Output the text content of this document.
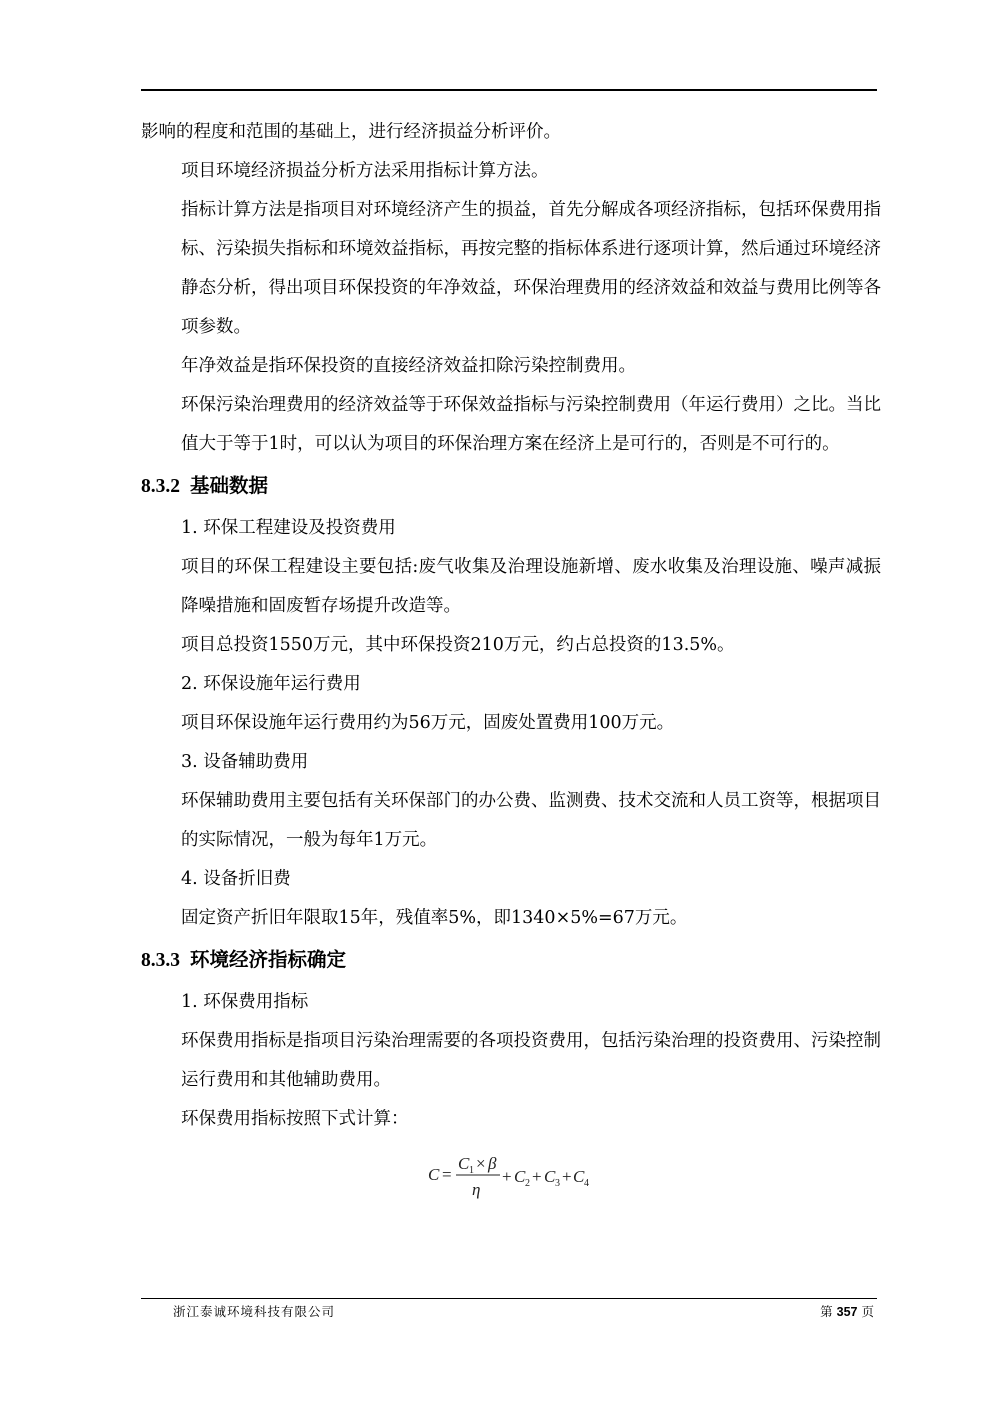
影响的程度和范围的基础上，进行经济损益分析评价。

项目环境经济损益分析方法采用指标计算方法。

指标计算方法是指项目对环境经济产生的损益，首先分解成各项经济指标，包括环保费用指标、污染损失指标和环境效益指标，再按完整的指标体系进行逐项计算，然后通过环境经济静态分析，得出项目环保投资的年净效益，环保治理费用的经济效益和效益与费用比例等各项参数。

年净效益是指环保投资的直接经济效益扣除污染控制费用。

环保污染治理费用的经济效益等于环保效益指标与污染控制费用（年运行费用）之比。当比值大于等于1时，可以认为项目的环保治理方案在经济上是可行的，否则是不可行的。

8.3.2 基础数据

1. 环保工程建设及投资费用

项目的环保工程建设主要包括:废气收集及治理设施新增、废水收集及治理设施、噪声减振降噪措施和固废暂存场提升改造等。

项目总投资1550万元，其中环保投资210万元，约占总投资的13.5%。

2. 环保设施年运行费用

项目环保设施年运行费用约为56万元，固废处置费用100万元。

3. 设备辅助费用

环保辅助费用主要包括有关环保部门的办公费、监测费、技术交流和人员工资等，根据项目的实际情况，一般为每年1万元。

4. 设备折旧费

固定资产折旧年限取15年，残值率5%，即1340×5%=67万元。

8.3.3 环境经济指标确定

1. 环保费用指标

环保费用指标是指项目污染治理需要的各项投资费用，包括污染治理的投资费用、污染控制运行费用和其他辅助费用。

环保费用指标按照下式计算：

C =
C 1 × β
η
+ C 2 + C 3 + C 4
浙江泰诚环境科技有限公司	第 357 页
